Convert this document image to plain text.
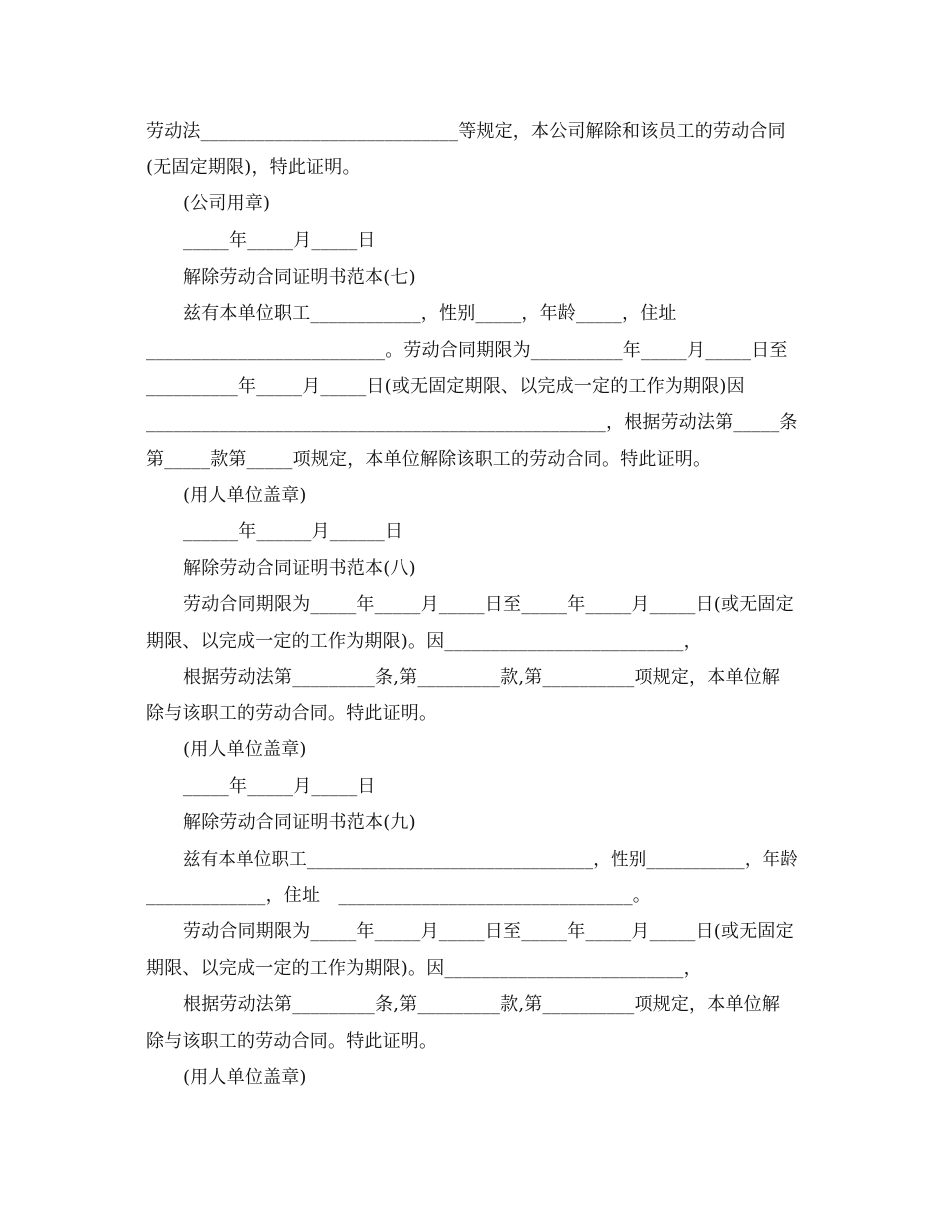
劳动法____________________________等规定，本公司解除和该员工的劳动合同
(无固定期限)，特此证明。
(公司用章)
_____年_____月_____日
解除劳动合同证明书范本(七)
兹有本单位职工____________，性别_____，年龄_____，住址
__________________________。劳动合同期限为__________年_____月_____日至
__________年_____月_____日(或无固定期限、以完成一定的工作为期限)因
__________________________________________________，根据劳动法第_____条
第_____款第_____项规定，本单位解除该职工的劳动合同。特此证明。
(用人单位盖章)
______年______月______日
解除劳动合同证明书范本(八)
劳动合同期限为_____年_____月_____日至_____年_____月_____日(或无固定
期限、以完成一定的工作为期限)。因__________________________，
根据劳动法第_________条,第_________款,第__________项规定，本单位解
除与该职工的劳动合同。特此证明。
(用人单位盖章)
_____年_____月_____日
解除劳动合同证明书范本(九)
兹有本单位职工________________________________，性别___________，年龄
_____________，住址　________________________________。
劳动合同期限为_____年_____月_____日至_____年_____月_____日(或无固定
期限、以完成一定的工作为期限)。因__________________________，
根据劳动法第_________条,第_________款,第__________项规定，本单位解
除与该职工的劳动合同。特此证明。
(用人单位盖章)
